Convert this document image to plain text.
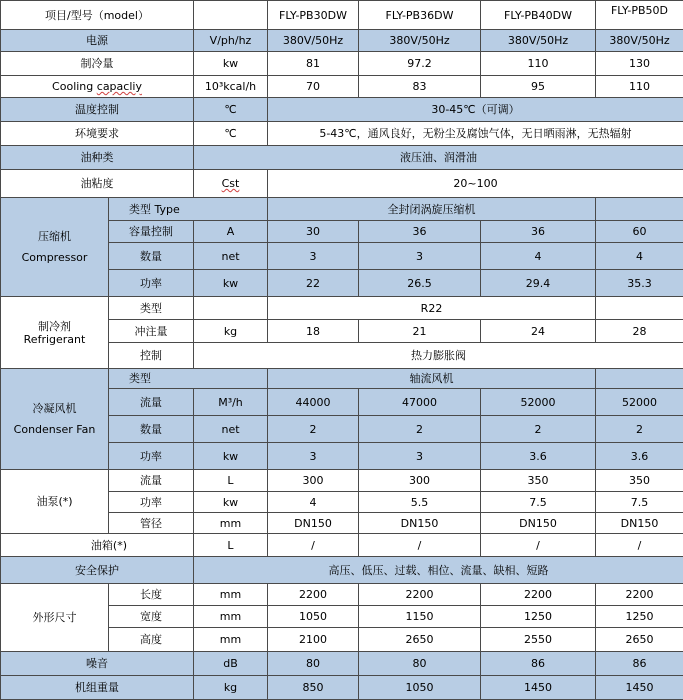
项目/型号（model）			FLY-PB30DW	FLY-PB36DW	FLY-PB40DW	FLY-PB50D
电源		V/ph/hz	380V/50Hz	380V/50Hz	380V/50Hz	380V/50Hz
制冷量		kw	81	97.2	110	130
Cooling capacliy		10³kcal/h	70	83	95	110
温度控制		℃	30-45℃（可调）			
环境要求		℃	5-43℃，通风良好，无粉尘及腐蚀气体，无日晒雨淋，无热辐射			
油种类		液压油、润滑油				
油粘度		Cst	20~100			

压缩机
Compressor	类型 Type		全封闭涡旋压缩机			
	容量控制	A	30	36	36	60
	数量	net	3	3	4	4
	功率	kw	22	26.5	29.4	35.3

制冷剂
Refrigerant	类型		R22			
	冲注量	kg	18	21	24	28
	控制	热力膨胀阀				

冷凝风机
Condenser Fan	类型		轴流风机			
	流量	M³/h	44000	47000	52000	52000
	数量	net	2	2	2	2
	功率	kw	3	3	3.6	3.6
油泵(*)	流量	L	300	300	350	350
	功率	kw	4	5.5	7.5	7.5
	管径	mm	DN150	DN150	DN150	DN150
油箱(*)		L	/	/	/	/
安全保护		高压、低压、过载、相位、流量、缺相、短路				
外形尺寸	长度	mm	2200	2200	2200	2200
	宽度	mm	1050	1150	1250	1250
	高度	mm	2100	2650	2550	2650
噪音		dB	80	80	86	86
机组重量		kg	850	1050	1450	1450
